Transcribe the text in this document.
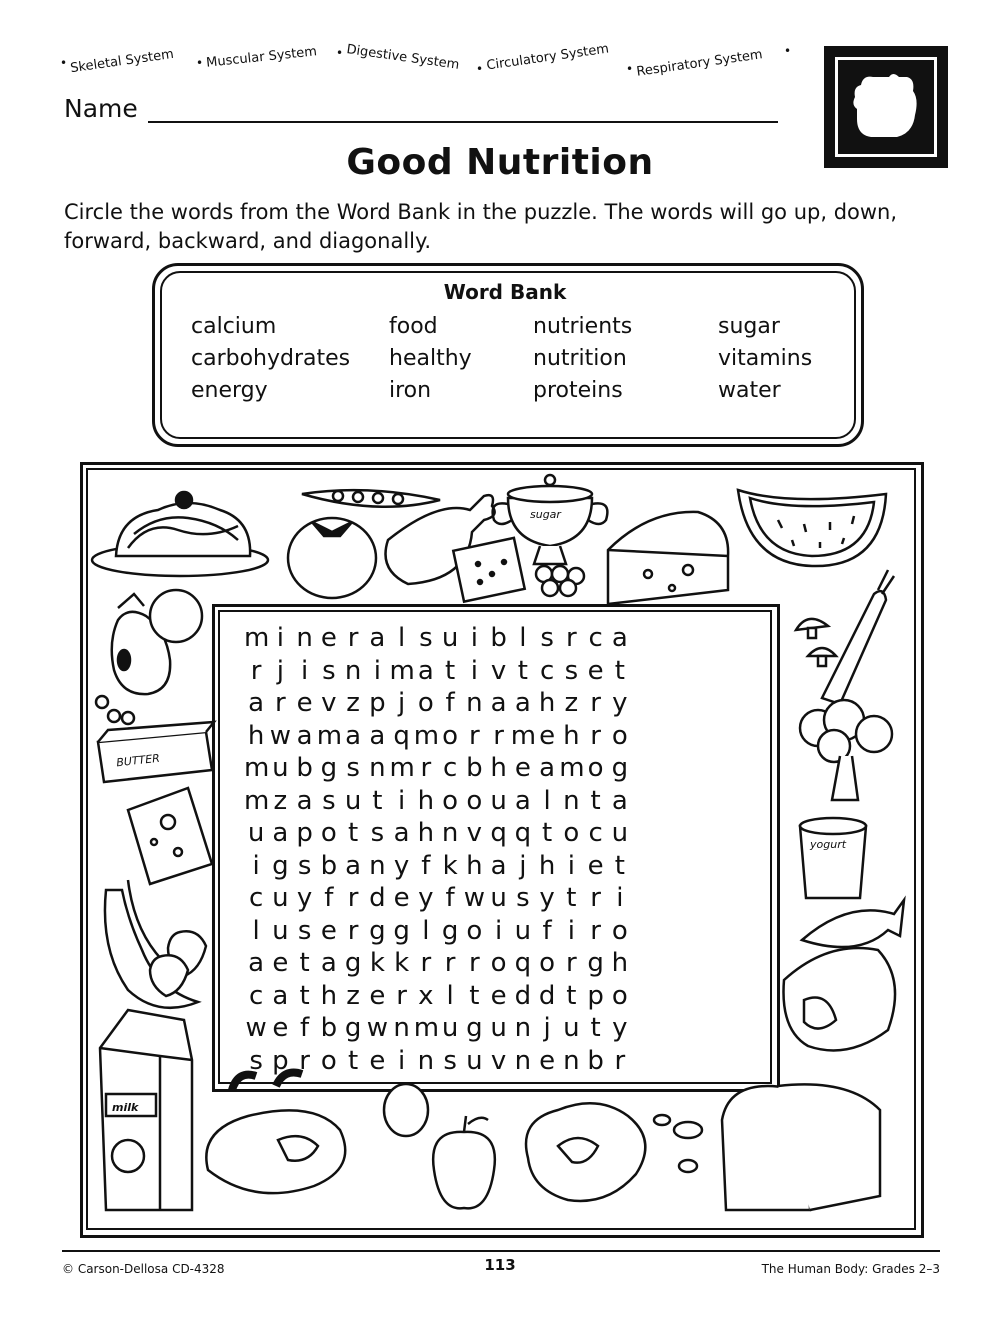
• Skeletal System • Muscular System • Digestive System • Circulatory System • Respiratory System •
Name
Good Nutrition
Circle the words from the Word Bank in the puzzle. The words will go up, down, forward, backward, and diagonally.
Word Bank
calcium	food	nutrients	sugar
carbohydrates healthy	nutrition	vitamins
energy	iron	proteins	water
sugar
BUTTER
yogurt
milk
m i n e r a l s u i b l s r c a
r j i s n i m a t i v t c s e t
a r e v z p j o f n a a h z r y
h w a m a a q m o r r m e h r o
m u b g s n m r c b h e a m o g
m z a s u t i h o o u a l n t a
u a p o t s a h n v q q t o c u
i g s b a n y f k h a j h i e t
c u y f r d e y f w u s y t r i
l u s e r g g l g o i u f i r o
a e t a g k k r r r o q o r g h
c a t h z e r x l t e d d t p o
w e f b g w n m u g u n j u t y
s p r o t e i n s u v n e n b r
© Carson-Dellosa CD-4328	113	The Human Body: Grades 2–3
